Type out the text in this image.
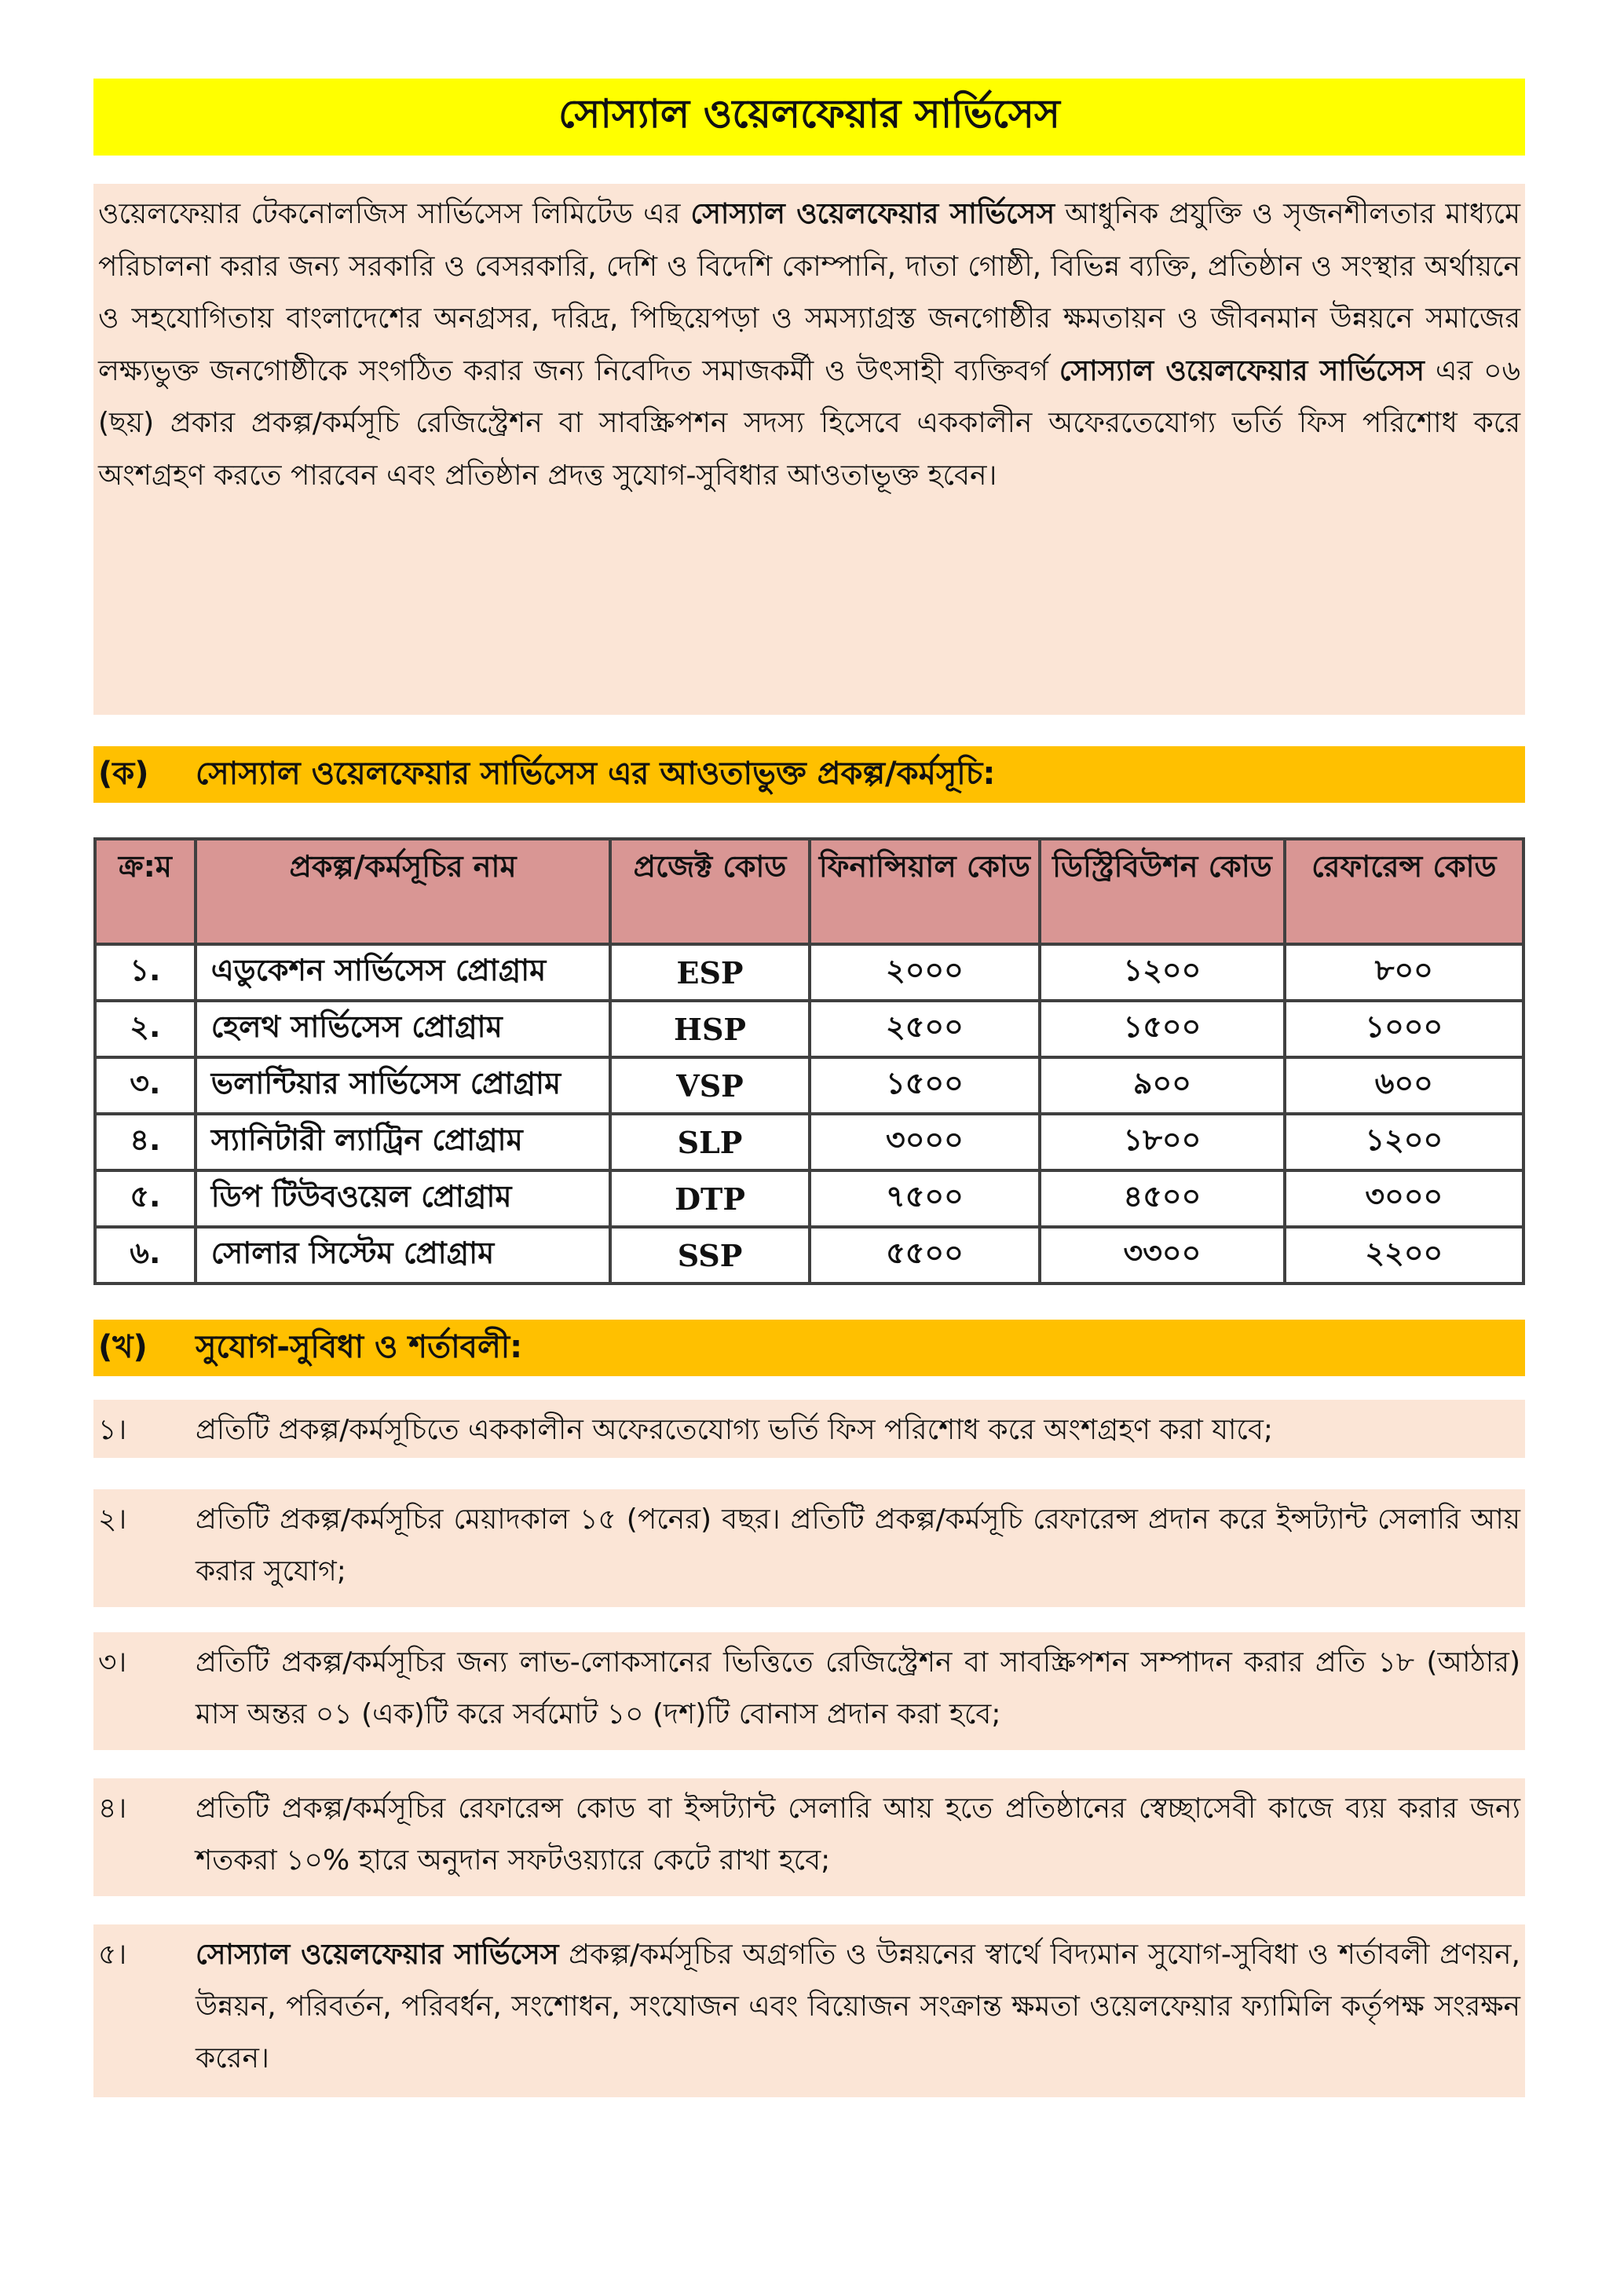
সোস্যাল ওয়েলফেয়ার সার্ভিসেস
ওয়েলফেয়ার টেকনোলজিস সার্ভিসেস লিমিটেড এর সোস্যাল ওয়েলফেয়ার সার্ভিসেস আধুনিক প্রযুক্তি ও সৃজনশীলতার মাধ্যমে পরিচালনা করার জন্য সরকারি ও বেসরকারি, দেশি ও বিদেশি কোম্পানি, দাতা গোষ্ঠী, বিভিন্ন ব্যক্তি, প্রতিষ্ঠান ও সংস্থার অর্থায়নে ও সহযোগিতায় বাংলাদেশের অনগ্রসর, দরিদ্র, পিছিয়েপড়া ও সমস্যাগ্রস্ত জনগোষ্ঠীর ক্ষমতায়ন ও জীবনমান উন্নয়নে সমাজের লক্ষ্যভুক্ত জনগোষ্ঠীকে সংগঠিত করার জন্য নিবেদিত সমাজকর্মী ও উৎসাহী ব্যক্তিবর্গ সোস্যাল ওয়েলফেয়ার সার্ভিসেস এর ০৬ (ছয়) প্রকার প্রকল্প/কর্মসূচি রেজিস্ট্রেশন বা সাবস্ক্রিপশন সদস্য হিসেবে এককালীন অফেরতেযোগ্য ভর্তি ফিস পরিশোধ করে অংশগ্রহণ করতে পারবেন এবং প্রতিষ্ঠান প্রদত্ত সুযোগ-সুবিধার আওতাভূক্ত হবেন।
(ক)	সোস্যাল ওয়েলফেয়ার সার্ভিসেস এর আওতাভুক্ত প্রকল্প/কর্মসূচি:
ক্র:ম	প্রকল্প/কর্মসূচির নাম	প্রজেক্ট কোড	ফিনান্সিয়াল কোড	ডিস্ট্রিবিউশন কোড	রেফারেন্স কোড
১.	এডুকেশন সার্ভিসেস প্রোগ্রাম	ESP	২০০০	১২০০	৮০০
২.	হেলথ সার্ভিসেস প্রোগ্রাম	HSP	২৫০০	১৫০০	১০০০
৩.	ভলান্টিয়ার সার্ভিসেস প্রোগ্রাম	VSP	১৫০০	৯০০	৬০০
৪.	স্যানিটারী ল্যাট্রিন প্রোগ্রাম	SLP	৩০০০	১৮০০	১২০০
৫.	ডিপ টিউবওয়েল প্রোগ্রাম	DTP	৭৫০০	৪৫০০	৩০০০
৬.	সোলার সিস্টেম প্রোগ্রাম	SSP	৫৫০০	৩৩০০	২২০০
(খ)	সুযোগ-সুবিধা ও শর্তাবলী:
১।	প্রতিটি প্রকল্প/কর্মসূচিতে এককালীন অফেরতেযোগ্য ভর্তি ফিস পরিশোধ করে অংশগ্রহণ করা যাবে;
২।	প্রতিটি প্রকল্প/কর্মসূচির মেয়াদকাল ১৫ (পনের) বছর। প্রতিটি প্রকল্প/কর্মসূচি রেফারেন্স প্রদান করে ইন্সট্যান্ট সেলারি আয় করার সুযোগ;
৩।	প্রতিটি প্রকল্প/কর্মসূচির জন্য লাভ-লোকসানের ভিত্তিতে রেজিস্ট্রেশন বা সাবস্ক্রিপশন সম্পাদন করার প্রতি ১৮ (আঠার) মাস অন্তর ০১ (এক)টি করে সর্বমোট ১০ (দশ)টি বোনাস প্রদান করা হবে;
৪।	প্রতিটি প্রকল্প/কর্মসূচির রেফারেন্স কোড বা ইন্সট্যান্ট সেলারি আয় হতে প্রতিষ্ঠানের স্বেচ্ছাসেবী কাজে ব্যয় করার জন্য শতকরা ১০% হারে অনুদান সফটওয়্যারে কেটে রাখা হবে;
৫।	সোস্যাল ওয়েলফেয়ার সার্ভিসেস প্রকল্প/কর্মসূচির অগ্রগতি ও উন্নয়নের স্বার্থে বিদ্যমান সুযোগ-সুবিধা ও শর্তাবলী প্রণয়ন, উন্নয়ন, পরিবর্তন, পরিবর্ধন, সংশোধন, সংযোজন এবং বিয়োজন সংক্রান্ত ক্ষমতা ওয়েলফেয়ার ফ্যামিলি কর্তৃপক্ষ সংরক্ষন করেন।
